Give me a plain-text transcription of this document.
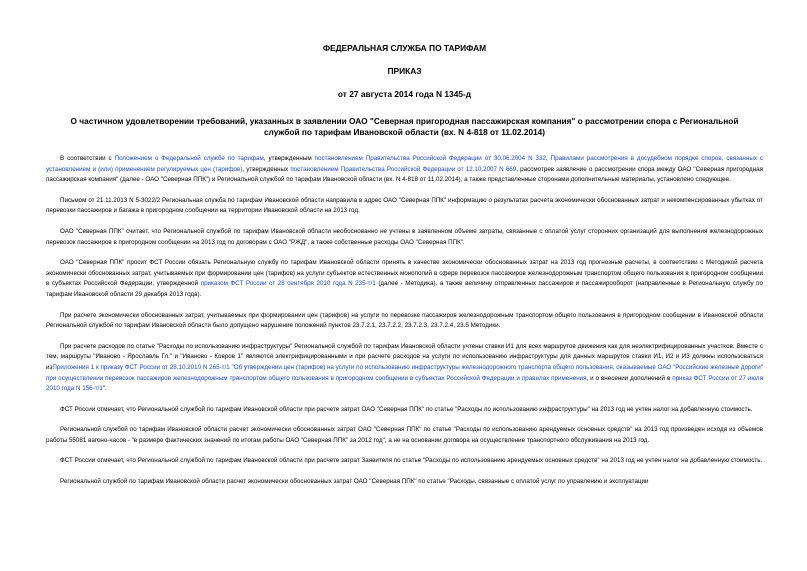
ФЕДЕРАЛЬНАЯ СЛУЖБА ПО ТАРИФАМ
ПРИКАЗ
от 27 августа 2014 года N 1345-д
О частичном удовлетворении требований, указанных в заявлении ОАО "Северная пригородная пассажирская компания" о рассмотрении спора с Региональной службой по тарифам Ивановской области (вх. N 4-818 от 11.02.2014)

В соответствии с Положением о Федеральной службе по тарифам, утвержденным постановлением Правительства Российской Федерации от 30.06.2004 N 332, Правилами рассмотрения в досудебном порядке споров, связанных с установлением и (или) применением регулируемых цен (тарифов), утвержденных постановлением Правительства Российской Федерации от 12.10.2007 N 669, рассмотрев заявление о рассмотрении спора между ОАО "Северная пригородная пассажирская компания" (далее - ОАО "Северная ППК") и Региональной службой по тарифам Ивановской области (вх. N 4-818 от 11.02.2014), а также представленные сторонами дополнительные материалы, установлено следующее.

Письмом от 21.11.2013 N 5-3022/2 Региональная служба по тарифам Ивановской области направила в адрес ОАО "Северная ППК" информацию о результатах расчета экономически обоснованных затрат и некомпенсированных убытках от перевозки пассажиров и багажа в пригородном сообщении на территории Ивановской области на 2013 год.

ОАО "Северная ППК" считает, что Региональной службой по тарифам Ивановской области необоснованно не учтены в заявленном объеме затраты, связанные с оплатой услуг сторонних организаций для выполнения железнодорожных перевозок пассажиров в пригородном сообщении на 2013 год по договорам с ОАО "РЖД", а также собственные расходы ОАО "Северная ППК".

ОАО "Северная ППК" просит ФСТ России обязать Региональную службу по тарифам Ивановской области принять в качестве экономически обоснованных затрат на 2013 год прогнозные расчеты, в соответствии с Методикой расчета экономически обоснованных затрат, учитываемых при формировании цен (тарифов) на услуги субъектов естественных монополий в сфере перевозок пассажиров железнодорожным транспортом общего пользования в пригородном сообщении в субъектах Российской Федерации, утвержденной приказом ФСТ России от 28 сентября 2010 года N 235-т/1 (далее - Методика), а также величину отправленных пассажиров и пассажирооборот (направленные в Региональную службу по тарифам Ивановской области 29 декабря 2013 года).

При расчете экономически обоснованных затрат, учитываемых при формировании цен (тарифов) на услуги по перевозке пассажиров железнодорожным транспортом общего пользования в пригородном сообщении в Ивановской области Региональной службой по тарифам Ивановской области было допущено нарушение положений пунктов 23.7.2.1, 23.7.2.2, 23.7.2.3, 23.7.2.4, 23.5 Методики.

При расчете расходов по статье "Расходы по использованию инфраструктуры" Региональной службой по тарифам Ивановской области учтены ставки И1 для всех маршрутов движения как для неэлектрифицированных участков. Вместе с тем, маршруты "Иваново - Ярославль Гл." и "Иваново - Ковров 1" являются электрифицированными и при расчете расходов на услуги по использованию инфраструктуры для данных маршрутов ставки И1, И2 и И3 должны использоваться изПриложения 1 к приказу ФСТ России от 28.10.2010 N 265-т/1 "Об утверждении цен (тарифов) на услуги по использованию инфраструктуры железнодорожного транспорта общего пользования, оказываемые ОАО "Российские железные дороги" при осуществлении перевозок пассажиров железнодорожным транспортом общего пользования в пригородном сообщении в субъектах Российской Федерации и правилах применения, и о внесении дополнений в приказ ФСТ России от 27 июля 2010 года N 156-т/1".

ФСТ России отмечает, что Региональной службой по тарифам Ивановской области при расчете затрат ОАО "Северная ППК" по статье "Расходы по использованию инфраструктуры" на 2013 год не учтен налог на добавленную стоимость.

Региональной службой по тарифам Ивановской области расчет экономически обоснованных затрат ОАО "Северная ППК" по статье "Расходы по использованию арендуемых основных средств" на 2013 год произведен исходя из объемов работы 55081 вагоно-часов - "в размере фактических значений по итогам работы ОАО "Северная ППК" за 2012 год", а не на основании договора на осуществление транспортного обслуживания на 2013 год.

ФСТ России отмечает, что Региональной службой по тарифам Ивановской области при расчете затрат Заявителя по статье "Расходы по использованию арендуемых основных средств" на 2013 год не учтен налог на добавленную стоимость.

Региональной службой по тарифам Ивановской области расчет экономически обоснованных затрат ОАО "Северная ППК" по статье "Расходы, связанные с оплатой услуг по управлению и эксплуатации
